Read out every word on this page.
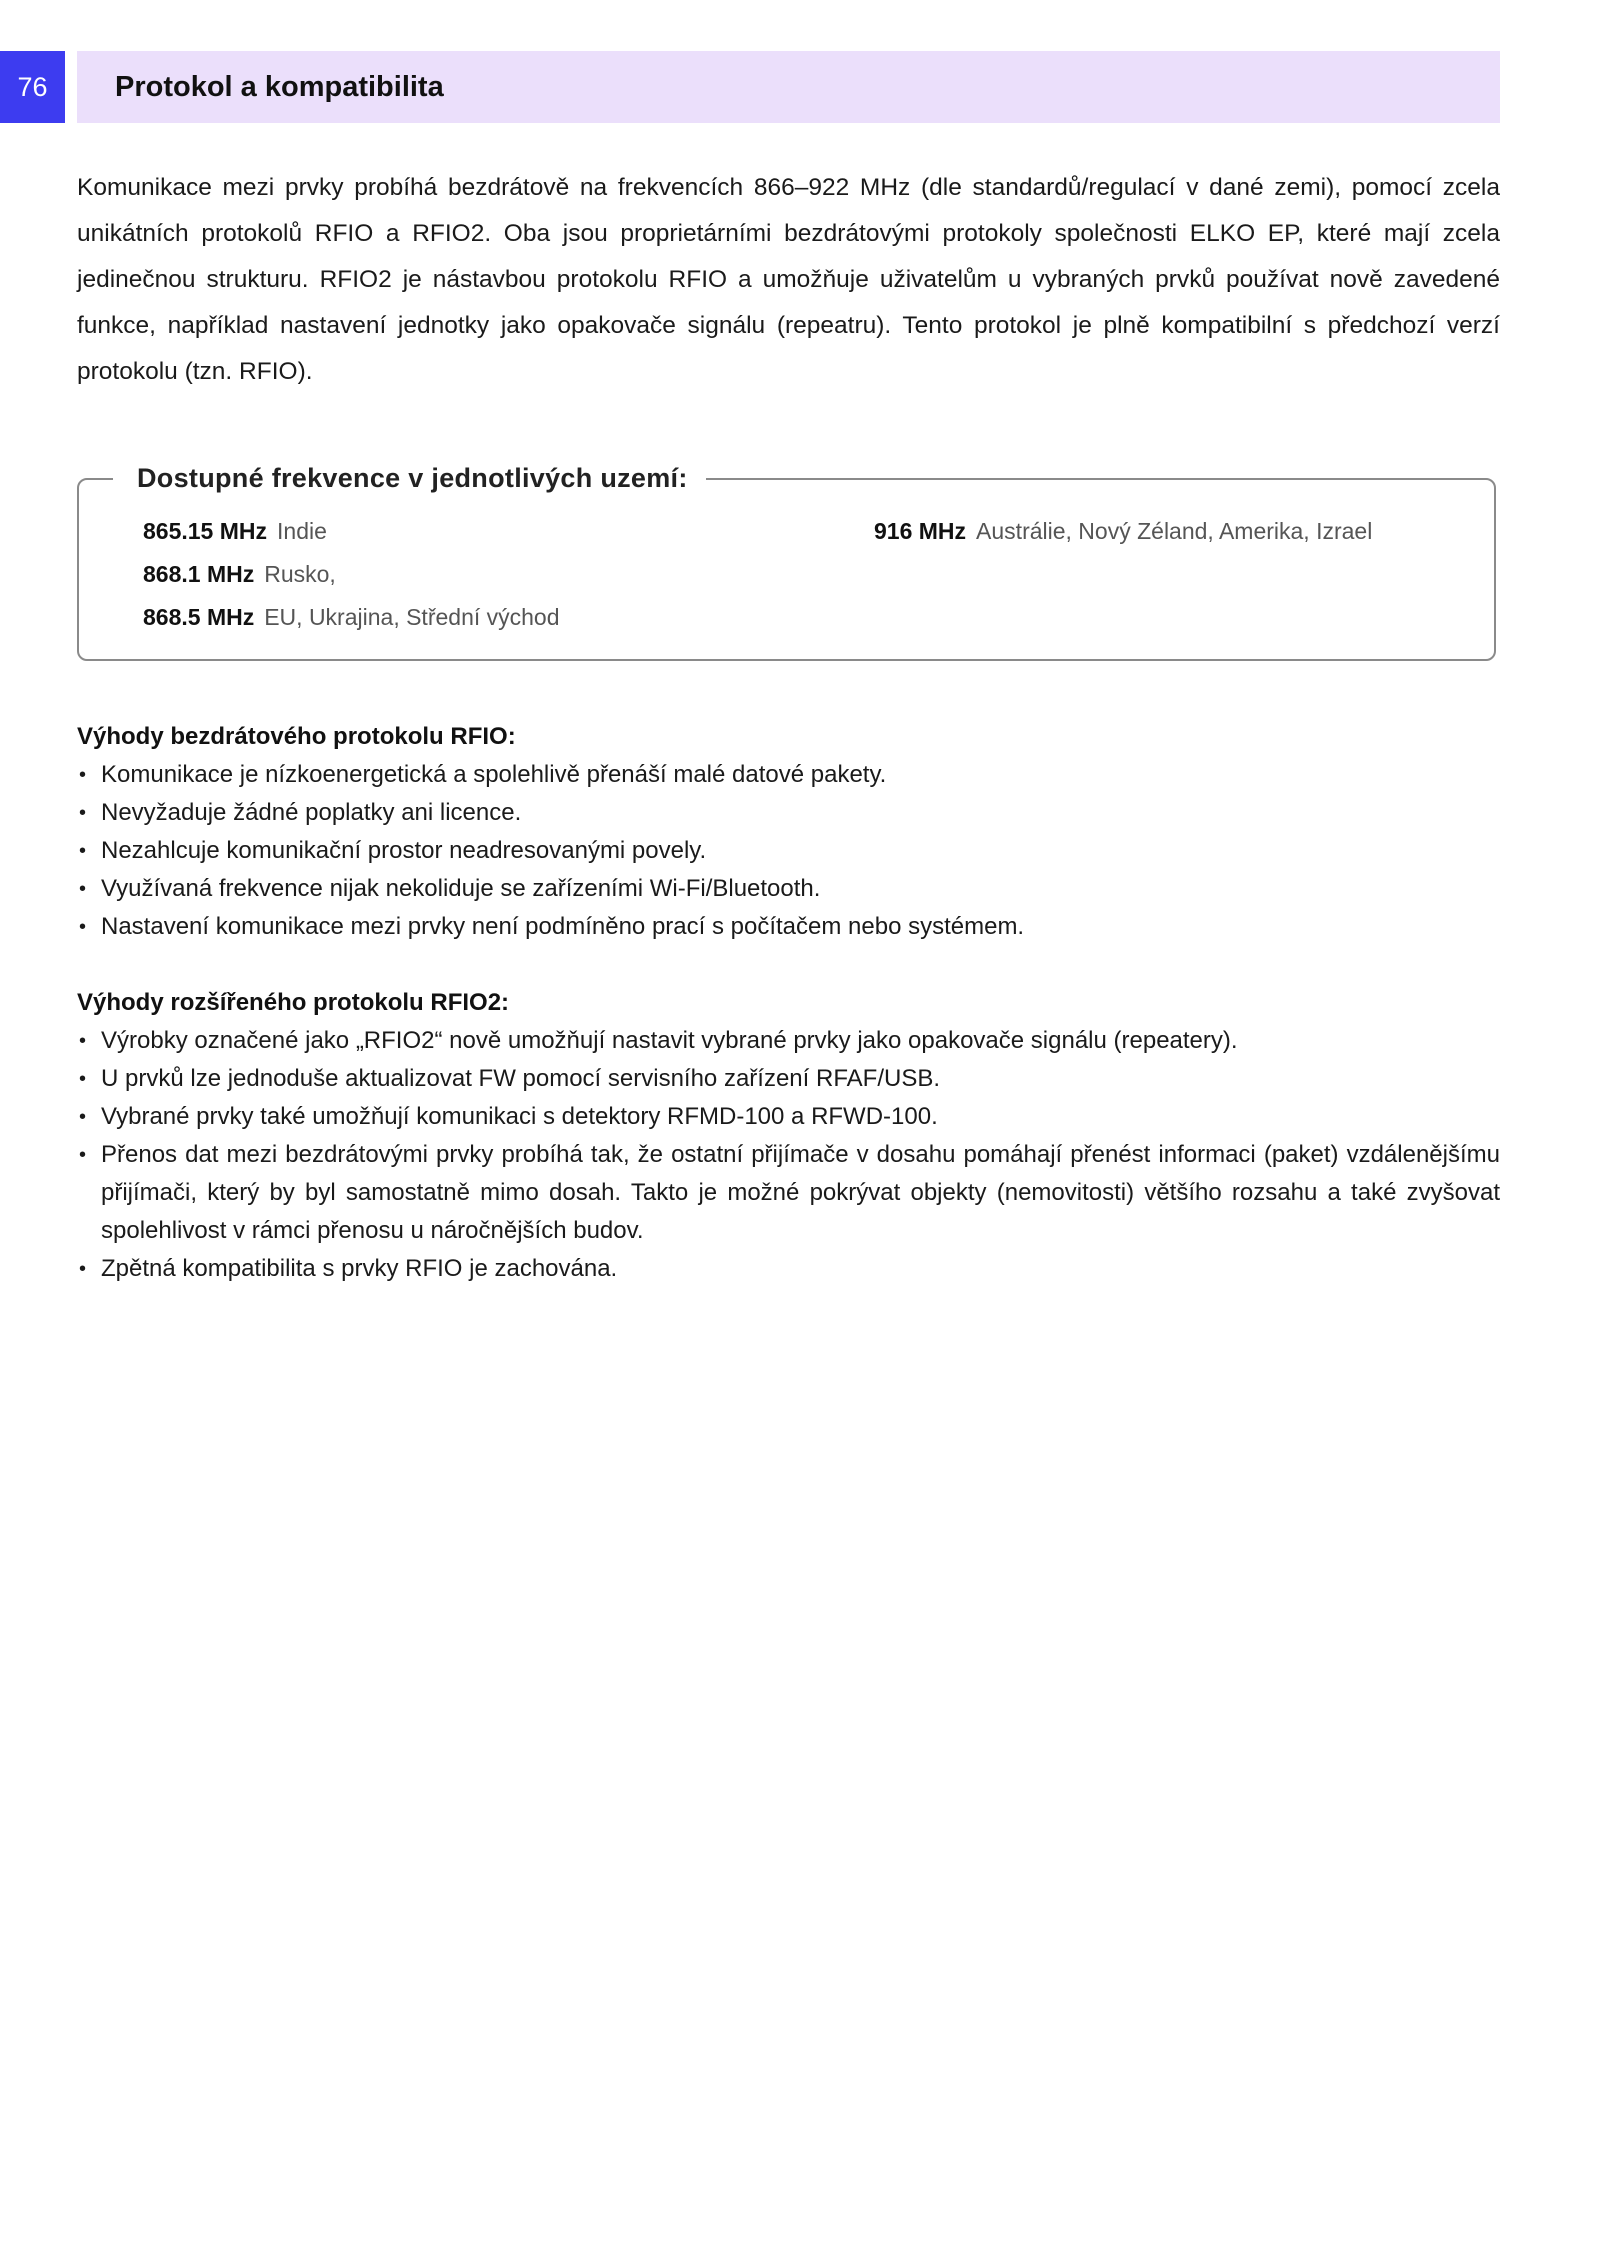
76	Protokol a kompatibilita

Komunikace mezi prvky probíhá bezdrátově na frekvencích 866–922 MHz (dle standardů/regulací v dané zemi), pomocí zcela unikátních protokolů RFIO a RFIO2. Oba jsou proprietárními bezdrátovými protokoly společnosti ELKO EP, které mají zcela jedinečnou strukturu. RFIO2 je nástavbou protokolu RFIO a umožňuje uživatelům u vybraných prvků používat nově zavedené funkce, například nastavení jednotky jako opakovače signálu (repeatru). Tento protokol je plně kompatibilní s předchozí verzí protokolu (tzn. RFIO).

Dostupné frekvence v jednotlivých uzemí:
865.15 MHz Indie
868.1 MHz Rusko,
868.5 MHz EU, Ukrajina, Střední východ
916 MHz Austrálie, Nový Zéland, Amerika, Izrael
Výhody bezdrátového protokolu RFIO:
• Komunikace je nízkoenergetická a spolehlivě přenáší malé datové pakety.
• Nevyžaduje žádné poplatky ani licence.
• Nezahlcuje komunikační prostor neadresovanými povely.
• Využívaná frekvence nijak nekoliduje se zařízeními Wi-Fi/Bluetooth.
• Nastavení komunikace mezi prvky není podmíněno prací s počítačem nebo systémem.
Výhody rozšířeného protokolu RFIO2:
• Výrobky označené jako „RFIO2“ nově umožňují nastavit vybrané prvky jako opakovače signálu (repeatery).
• U prvků lze jednoduše aktualizovat FW pomocí servisního zařízení RFAF/USB.
• Vybrané prvky také umožňují komunikaci s detektory RFMD-100 a RFWD-100.
• Přenos dat mezi bezdrátovými prvky probíhá tak, že ostatní přijímače v dosahu pomáhají přenést informaci (paket) vzdálenějšímu přijímači, který by byl samostatně mimo dosah. Takto je možné pokrývat objekty (nemovitosti) většího rozsahu a také zvyšovat spolehlivost v rámci přenosu u náročnějších budov.
• Zpětná kompatibilita s prvky RFIO je zachována.
